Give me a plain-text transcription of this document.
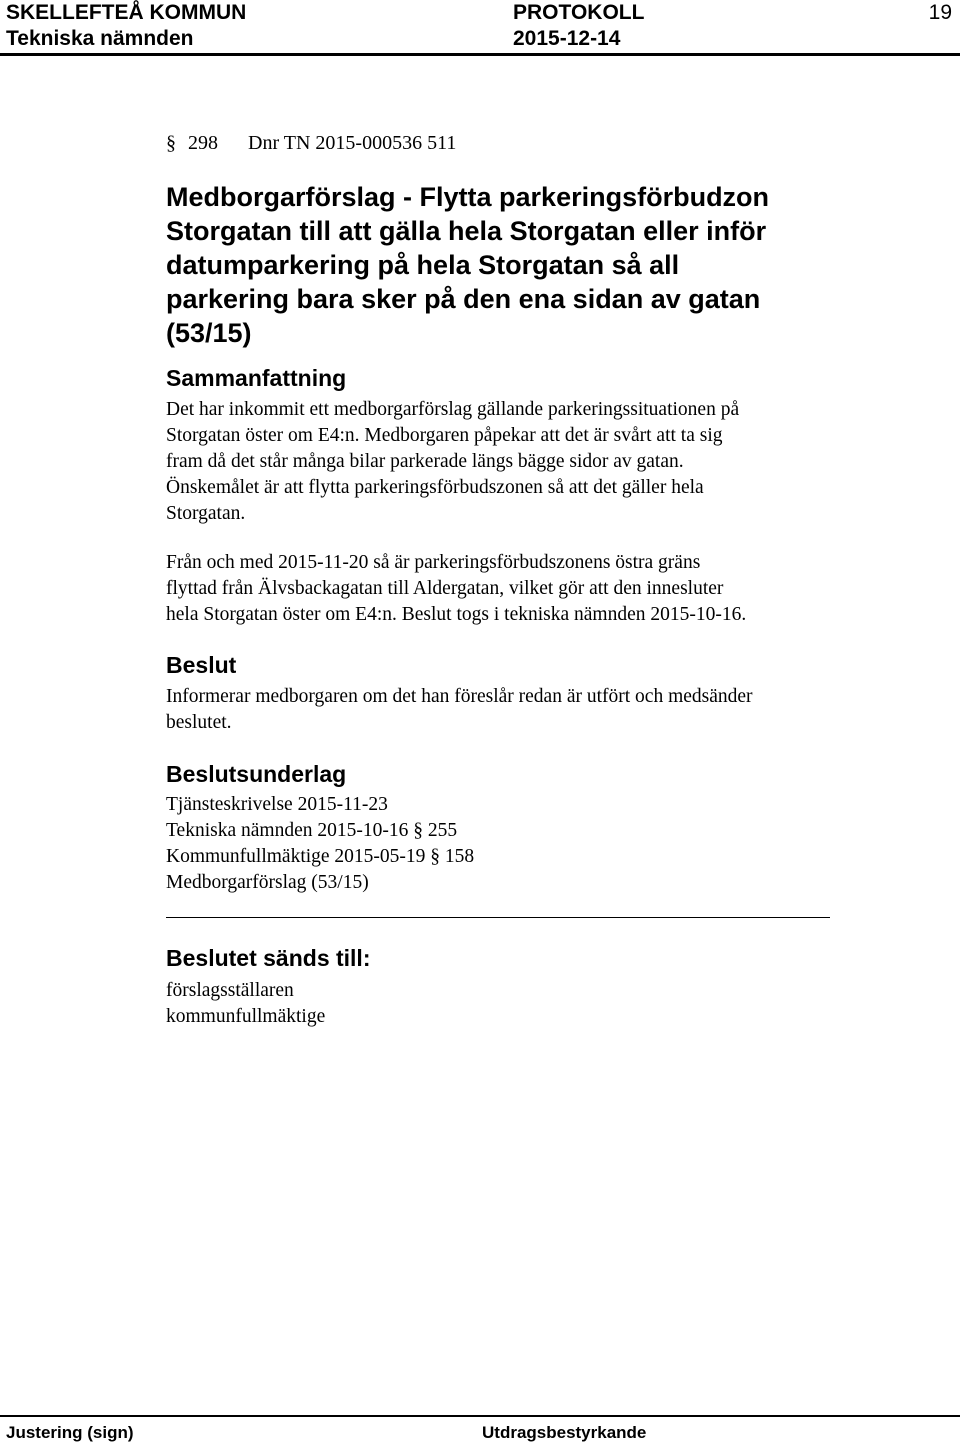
SKELLEFTEÅ KOMMUN
Tekniska nämnden
PROTOKOLL
2015-12-14
19
§ 298 Dnr TN 2015-000536 511
Medborgarförslag - Flytta parkeringsförbudzon
Storgatan till att gälla hela Storgatan eller inför
datumparkering på hela Storgatan så all
parkering bara sker på den ena sidan av gatan
(53/15)
Sammanfattning

Det har inkommit ett medborgarförslag gällande parkeringssituationen på
Storgatan öster om E4:n. Medborgaren påpekar att det är svårt att ta sig
fram då det står många bilar parkerade längs bägge sidor av gatan.
Önskemålet är att flytta parkeringsförbudszonen så att det gäller hela
Storgatan.

Från och med 2015-11-20 så är parkeringsförbudszonens östra gräns
flyttad från Älvsbackagatan till Aldergatan, vilket gör att den innesluter
hela Storgatan öster om E4:n. Beslut togs i tekniska nämnden 2015-10-16.

Beslut

Informerar medborgaren om det han föreslår redan är utfört och medsänder
beslutet.

Beslutsunderlag

Tjänsteskrivelse 2015-11-23
Tekniska nämnden 2015-10-16 § 255
Kommunfullmäktige 2015-05-19 § 158
Medborgarförslag (53/15)

Beslutet sänds till:

förslagsställaren
kommunfullmäktige

Justering (sign)	Utdragsbestyrkande
